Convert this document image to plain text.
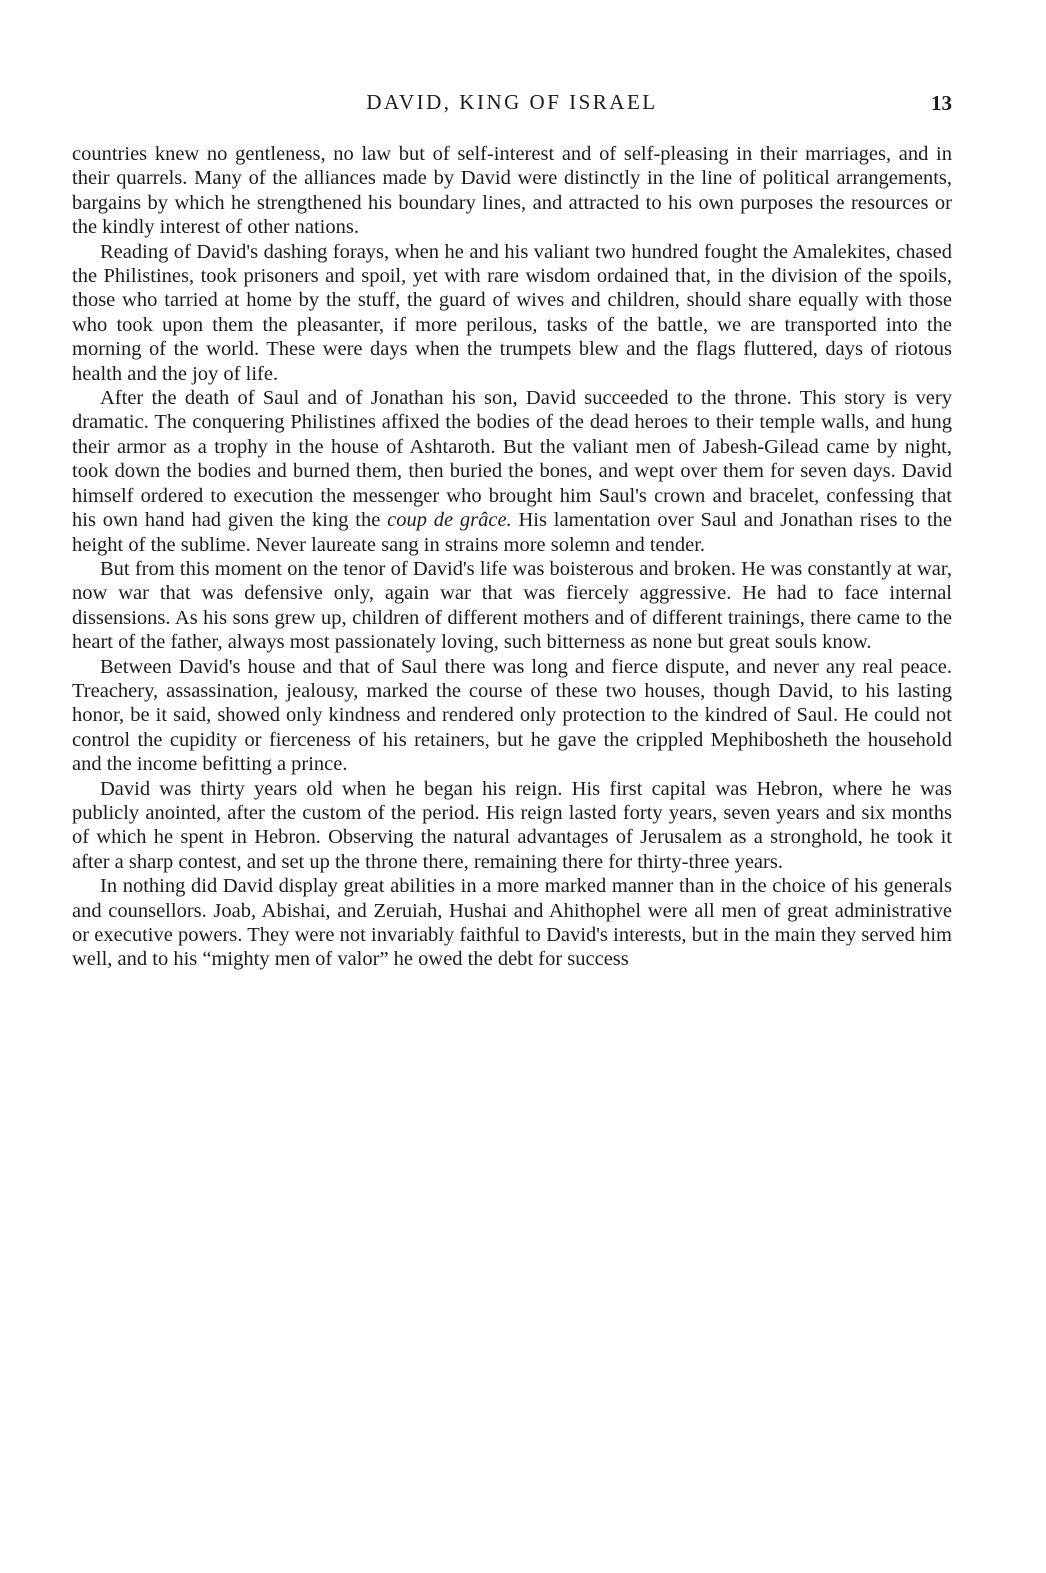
DAVID, KING OF ISRAEL	13

countries knew no gentleness, no law but of self-interest and of self-pleasing in their marriages, and in their quarrels. Many of the alliances made by David were distinctly in the line of political arrangements, bargains by which he strengthened his boundary lines, and attracted to his own purposes the resources or the kindly interest of other nations.

Reading of David's dashing forays, when he and his valiant two hundred fought the Amalekites, chased the Philistines, took prisoners and spoil, yet with rare wisdom ordained that, in the division of the spoils, those who tarried at home by the stuff, the guard of wives and children, should share equally with those who took upon them the pleasanter, if more perilous, tasks of the battle, we are transported into the morning of the world. These were days when the trumpets blew and the flags fluttered, days of riotous health and the joy of life.

After the death of Saul and of Jonathan his son, David succeeded to the throne. This story is very dramatic. The conquering Philistines affixed the bodies of the dead heroes to their temple walls, and hung their armor as a trophy in the house of Ashtaroth. But the valiant men of Jabesh-Gilead came by night, took down the bodies and burned them, then buried the bones, and wept over them for seven days. David himself ordered to execution the messenger who brought him Saul's crown and bracelet, confessing that his own hand had given the king the coup de grâce. His lamentation over Saul and Jonathan rises to the height of the sublime. Never laureate sang in strains more solemn and tender.

But from this moment on the tenor of David's life was boisterous and broken. He was constantly at war, now war that was defensive only, again war that was fiercely aggressive. He had to face internal dissensions. As his sons grew up, children of different mothers and of different trainings, there came to the heart of the father, always most passionately loving, such bitterness as none but great souls know.

Between David's house and that of Saul there was long and fierce dispute, and never any real peace. Treachery, assassination, jealousy, marked the course of these two houses, though David, to his lasting honor, be it said, showed only kindness and rendered only protection to the kindred of Saul. He could not control the cupidity or fierceness of his retainers, but he gave the crippled Mephibosheth the household and the income befitting a prince.

David was thirty years old when he began his reign. His first capital was Hebron, where he was publicly anointed, after the custom of the period. His reign lasted forty years, seven years and six months of which he spent in Hebron. Observing the natural advantages of Jerusalem as a stronghold, he took it after a sharp contest, and set up the throne there, remaining there for thirty-three years.

In nothing did David display great abilities in a more marked manner than in the choice of his generals and counsellors. Joab, Abishai, and Zeruiah, Hushai and Ahithophel were all men of great administrative or executive powers. They were not invariably faithful to David's interests, but in the main they served him well, and to his “mighty men of valor” he owed the debt for success
